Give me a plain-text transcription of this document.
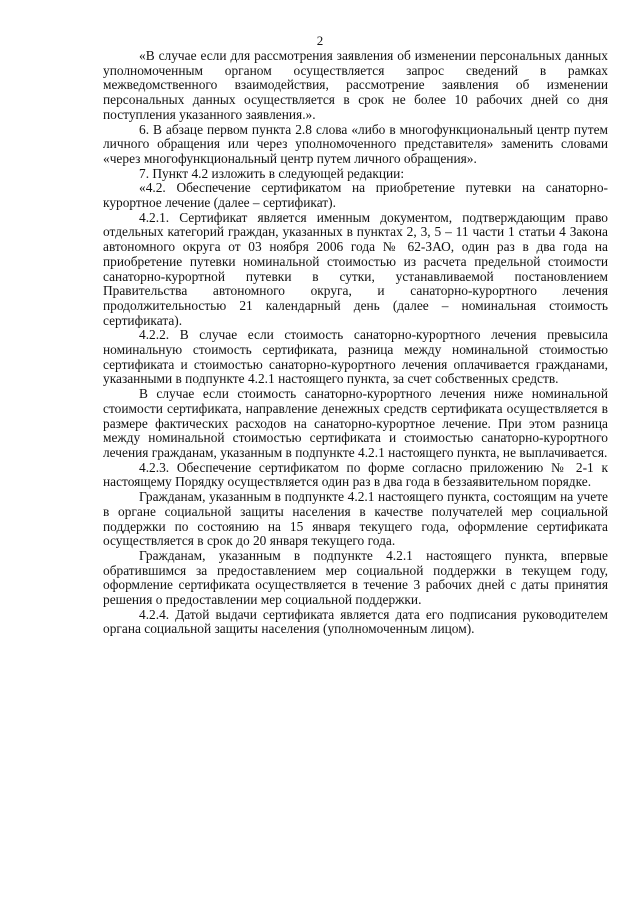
2

«В случае если для рассмотрения заявления об изменении персональных данных уполномоченным органом осуществляется запрос сведений в рамках межведомственного взаимодействия, рассмотрение заявления об изменении персональных данных осуществляется в срок не более 10 рабочих дней со дня поступления указанного заявления.».

6. В абзаце первом пункта 2.8 слова «либо в многофункциональный центр путем личного обращения или через уполномоченного представителя» заменить словами «через многофункциональный центр путем личного обращения».

7. Пункт 4.2 изложить в следующей редакции:

«4.2. Обеспечение сертификатом на приобретение путевки на санаторно-курортное лечение (далее – сертификат).

4.2.1. Сертификат является именным документом, подтверждающим право отдельных категорий граждан, указанных в пунктах 2, 3, 5 – 11 части 1 статьи 4 Закона автономного округа от 03 ноября 2006 года № 62-ЗАО, один раз в два года на приобретение путевки номинальной стоимостью из расчета предельной стоимости санаторно-курортной путевки в сутки, устанавливаемой постановлением Правительства автономного округа, и санаторно-курортного лечения продолжительностью 21 календарный день (далее – номинальная стоимость сертификата).

4.2.2. В случае если стоимость санаторно-курортного лечения превысила номинальную стоимость сертификата, разница между номинальной стоимостью сертификата и стоимостью санаторно-курортного лечения оплачивается гражданами, указанными в подпункте 4.2.1 настоящего пункта, за счет собственных средств.

В случае если стоимость санаторно-курортного лечения ниже номинальной стоимости сертификата, направление денежных средств сертификата осуществляется в размере фактических расходов на санаторно-курортное лечение. При этом разница между номинальной стоимостью сертификата и стоимостью санаторно-курортного лечения гражданам, указанным в подпункте 4.2.1 настоящего пункта, не выплачивается.

4.2.3. Обеспечение сертификатом по форме согласно приложению № 2-1 к настоящему Порядку осуществляется один раз в два года в беззаявительном порядке.

Гражданам, указанным в подпункте 4.2.1 настоящего пункта, состоящим на учете в органе социальной защиты населения в качестве получателей мер социальной поддержки по состоянию на 15 января текущего года, оформление сертификата осуществляется в срок до 20 января текущего года.

Гражданам, указанным в подпункте 4.2.1 настоящего пункта, впервые обратившимся за предоставлением мер социальной поддержки в текущем году, оформление сертификата осуществляется в течение 3 рабочих дней с даты принятия решения о предоставлении мер социальной поддержки.

4.2.4. Датой выдачи сертификата является дата его подписания руководителем органа социальной защиты населения (уполномоченным лицом).
